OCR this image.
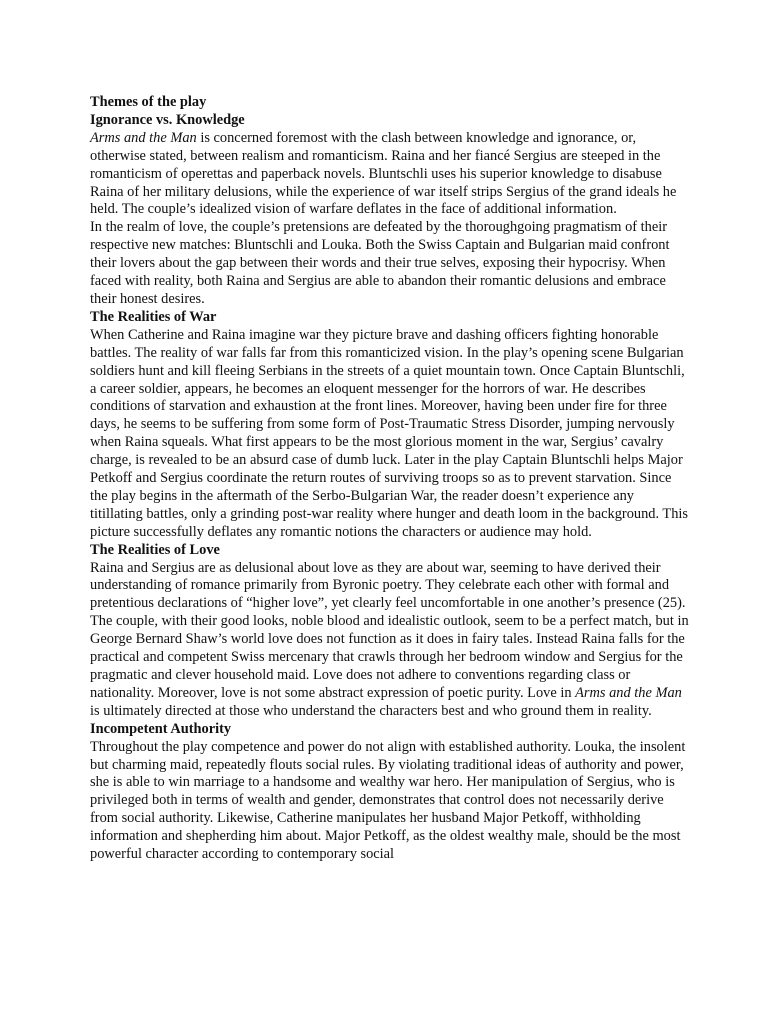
Themes of the play

Ignorance vs. Knowledge

Arms and the Man is concerned foremost with the clash between knowledge and ignorance, or, otherwise stated, between realism and romanticism. Raina and her fiancé Sergius are steeped in the romanticism of operettas and paperback novels. Bluntschli uses his superior knowledge to disabuse Raina of her military delusions, while the experience of war itself strips Sergius of the grand ideals he held. The couple’s idealized vision of warfare deflates in the face of additional information.

In the realm of love, the couple’s pretensions are defeated by the thoroughgoing pragmatism of their respective new matches: Bluntschli and Louka. Both the Swiss Captain and Bulgarian maid confront their lovers about the gap between their words and their true selves, exposing their hypocrisy. When faced with reality, both Raina and Sergius are able to abandon their romantic delusions and embrace their honest desires.

The Realities of War

When Catherine and Raina imagine war they picture brave and dashing officers fighting honorable battles. The reality of war falls far from this romanticized vision. In the play’s opening scene Bulgarian soldiers hunt and kill fleeing Serbians in the streets of a quiet mountain town. Once Captain Bluntschli, a career soldier, appears, he becomes an eloquent messenger for the horrors of war. He describes conditions of starvation and exhaustion at the front lines. Moreover, having been under fire for three days, he seems to be suffering from some form of Post-Traumatic Stress Disorder, jumping nervously when Raina squeals. What first appears to be the most glorious moment in the war, Sergius’ cavalry charge, is revealed to be an absurd case of dumb luck. Later in the play Captain Bluntschli helps Major Petkoff and Sergius coordinate the return routes of surviving troops so as to prevent starvation. Since the play begins in the aftermath of the Serbo-Bulgarian War, the reader doesn’t experience any titillating battles, only a grinding post-war reality where hunger and death loom in the background. This picture successfully deflates any romantic notions the characters or audience may hold.

The Realities of Love

Raina and Sergius are as delusional about love as they are about war, seeming to have derived their understanding of romance primarily from Byronic poetry. They celebrate each other with formal and pretentious declarations of “higher love”, yet clearly feel uncomfortable in one another’s presence (25). The couple, with their good looks, noble blood and idealistic outlook, seem to be a perfect match, but in George Bernard Shaw’s world love does not function as it does in fairy tales. Instead Raina falls for the practical and competent Swiss mercenary that crawls through her bedroom window and Sergius for the pragmatic and clever household maid. Love does not adhere to conventions regarding class or nationality. Moreover, love is not some abstract expression of poetic purity. Love in Arms and the Man is ultimately directed at those who understand the characters best and who ground them in reality.

Incompetent Authority

Throughout the play competence and power do not align with established authority. Louka, the insolent but charming maid, repeatedly flouts social rules. By violating traditional ideas of authority and power, she is able to win marriage to a handsome and wealthy war hero. Her manipulation of Sergius, who is privileged both in terms of wealth and gender, demonstrates that control does not necessarily derive from social authority. Likewise, Catherine manipulates her husband Major Petkoff, withholding information and shepherding him about. Major Petkoff, as the oldest wealthy male, should be the most powerful character according to contemporary social
